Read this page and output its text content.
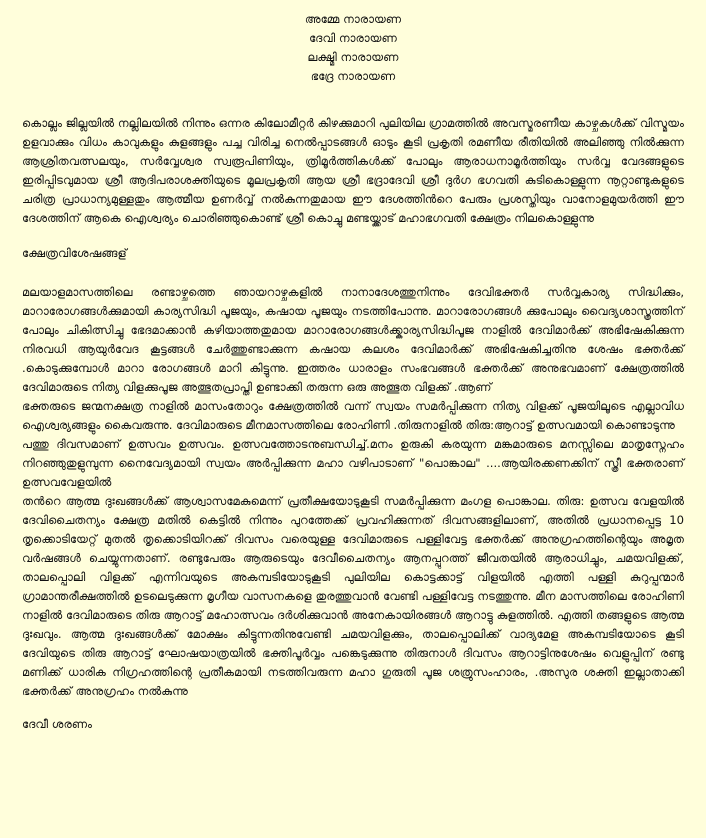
അമ്മേ നാരായണ
ദേവി നാരായണ
ലക്ഷ്മി നാരായണ
ഭദ്രേ നാരായണ

കൊല്ലം ജില്ലയിൽ നല്ലിലയിൽ നിന്നും ഒന്നര കിലോമീറ്റർ കിഴക്കുമാറി പുലിയില ഗ്രാമത്തിൽ അവസ്മരണീയ കാഴ്ചകൾക്ക് വിസ്മയം ഉളവാക്കും വിധം കാവുകളും കുളങ്ങളും പച്ച വിരിച്ച നെൽപ്പാടങ്ങൾ ഓടും കൂടി പ്രകൃതി രമണീയ രീതിയിൽ അലിഞ്ഞു നിൽക്കുന്ന ആശ്രിതവത്സലയും, സർവ്വേശ്വര സ്വരൂപിണിയും, ത്രിമൂർത്തികൾക്ക് പോലും ആരാധനാമൂർത്തിയും സർവ്വ വേദങ്ങളുടെ ഇരിപ്പിടവുമായ ശ്രീ ആദിപരാശക്തിയുടെ മൂലപ്രകൃതി ആയ ശ്രീ ഭദ്രാദേവി ശ്രീ ദുർഗ ഭഗവതി കുടികൊള്ളുന്ന നൂറ്റാണ്ടുകളുടെ ചരിത്ര പ്രാധാന്യമുള്ളതും ആത്മീയ ഉണർവ്വ് നൽകുന്നതുമായ ഈ ദേശത്തിൻറെ പേരും പ്രശസ്തിയും വാനോളമുയർത്തി ഈ ദേശത്തിന് ആകെ ഐശ്വര്യം ചൊരിഞ്ഞുകൊണ്ട് ശ്രീ കൊച്ചു മണ്ടയ്ക്കാട് മഹാഭഗവതി ക്ഷേത്രം നിലകൊള്ളുന്നു

ക്ഷേത്രവിശേഷങ്ങള്

മലയാളമാസത്തിലെ രണ്ടാഴ്ചത്തെ ഞായറാഴ്ചകളിൽ നാനാദേശത്തുനിന്നും ദേവിഭക്തർ സർവ്വകാര്യ സിദ്ധിക്കും, മാറാരോഗങ്ങൾക്കുമായി കാര്യസിദ്ധി പൂജയും, കഷായ പൂജയും നടത്തിപോന്നു. മാറാരോഗങ്ങൾ ക്കുപോലും വൈദ്യശാസ്ത്രത്തിന് പോലും ചികിത്സിച്ചു ഭേദമാക്കാൻ കഴിയാത്തതുമായ മാറാരോഗങ്ങൾക്ക്കാര്യസിദ്ധിപൂജ നാളിൽ ദേവിമാർക്ക് അഭിഷേകിക്കുന്ന നിരവധി ആയുർവേദ കൂട്ടങ്ങൾ ചേർത്തുണ്ടാക്കുന്ന കഷായ കലശം ദേവിമാർക്ക് അഭിഷേകിച്ചതിനു ശേഷം ഭക്തർക്ക് .കൊടുക്കുമ്പോൾ മാറാ രോഗങ്ങൾ മാറി കിട്ടുന്നു. ഇത്തരം ധാരാളം സംഭവങ്ങൾ ഭക്തർക്ക് അനുഭവമാണ് ക്ഷേത്രത്തിൽ ദേവിമാരുടെ നിത്യ വിളക്കുപൂജ അത്ഭുതപ്രാപ്തി ഉണ്ടാക്കി തരുന്ന ഒരു അത്ഭുത വിളക്ക് .ആണ്

ഭക്തരുടെ ജന്മനക്ഷത്ര നാളിൽ മാസംതോറും ക്ഷേത്രത്തിൽ വന്ന് സ്വയം സമർപ്പിക്കുന്ന നിത്യ വിളക്ക് പൂജയിലൂടെ എല്ലാവിധ ഐശ്വര്യങ്ങളും കൈവരുന്നു. ദേവിമാരുടെ മീനമാസത്തിലെ രോഹിണി .തിരുനാളിൽ തിരു:ആറാട്ട് ഉത്സവമായി കൊണ്ടാടുന്നു

പത്തു ദിവസമാണ് ഉത്സവം ഉത്സവം. ഉത്സവത്തോടനുബന്ധിച്ച്.മനം ഉരുകി കരയുന്ന മങ്കമാരുടെ മനസ്സിലെ മാതൃസ്നേഹം നിറഞ്ഞുതുളുമ്പുന്ന നൈവേദ്യമായി സ്വയം അർപ്പിക്കുന്ന മഹാ വഴിപാടാണ് "പൊങ്കാല" ....ആയിരക്കണക്കിന് സ്ത്രീ ഭക്തരാണ് ഉത്സവവേളയിൽ

തൻറെ ആത്മ ദുഃഖങ്ങൾക്ക് ആശ്വാസമേകുമെന്ന് പ്രതീക്ഷയോടുകൂടി സമർപ്പിക്കുന്ന മംഗള പൊങ്കാല. തിരു: ഉത്സവ വേളയിൽ ദേവിചൈതന്യം ക്ഷേത്ര മതിൽ കെട്ടിൽ നിന്നും പുറത്തേക്ക് പ്രവഹിക്കുന്നത് ദിവസങ്ങളിലാണ്, അതിൽ പ്രധാനപ്പെട്ട 10 തൃക്കൊടിയേറ്റ് മുതൽ തൃക്കൊടിയിറക്ക് ദിവസം വരെയുള്ള ദേവിമാരുടെ പള്ളിവേട്ട ഭക്തർക്ക് അനുഗ്രഹത്തിന്റെയും അമൃത വർഷങ്ങൾ ചെയ്യുന്നതാണ്. രണ്ടുപേരും ആരുടെയും ദേവീചൈതന്യം ആനപ്പുറത്ത് ജീവതയിൽ ആരാധിച്ചും, ചമയവിളക്ക്, താലപ്പൊലി വിളക്ക് എന്നിവയുടെ അകമ്പടിയോടുകൂടി പുലിയില കൊട്ടക്കാട്ട് വിളയിൽ എത്തി പള്ളി കുറുപ്പന്മാർ ഗ്രാമാന്തരീക്ഷത്തിൽ ഉടലെടുക്കുന്ന മൃഗീയ വാസനകളെ തുരത്തുവാൻ വേണ്ടി പള്ളിവേട്ട നടത്തുന്നു. മീന മാസത്തിലെ രോഹിണി നാളിൽ ദേവിമാരുടെ തിരു ആറാട്ട് മഹോത്സവം ദർശിക്കുവാൻ അനേകായിരങ്ങൾ ആറാട്ടു കുളത്തിൽ. എത്തി തങ്ങളുടെ ആത്മ ദുഃഖവും. ആത്മ ദുഃഖങ്ങൾക്ക് മോക്ഷം കിട്ടുന്നതിനുവേണ്ടി ചമയവിളക്കും, താലപ്പൊലിക്ക് വാദ്യമേള അകമ്പടിയോടെ കൂടി ദേവിയുടെ തിരു ആറാട്ട് ഘോഷയാത്രയിൽ ഭക്തിപൂർവ്വം പങ്കെടുക്കുന്നു തിരുനാൾ ദിവസം ആറാട്ടിനുശേഷം വെളുപ്പിന് രണ്ടു മണിക്ക് ധാരിക നിഗ്രഹത്തിന്റെ പ്രതീകമായി നടത്തിവരുന്ന മഹാ ഗുരുതി പൂജ ശത്രുസംഹാരം, .അസുര ശക്തി ഇല്ലാതാക്കി ഭക്തർക്ക് അനുഗ്രഹം നൽകുന്നു

ദേവീ ശരണം
